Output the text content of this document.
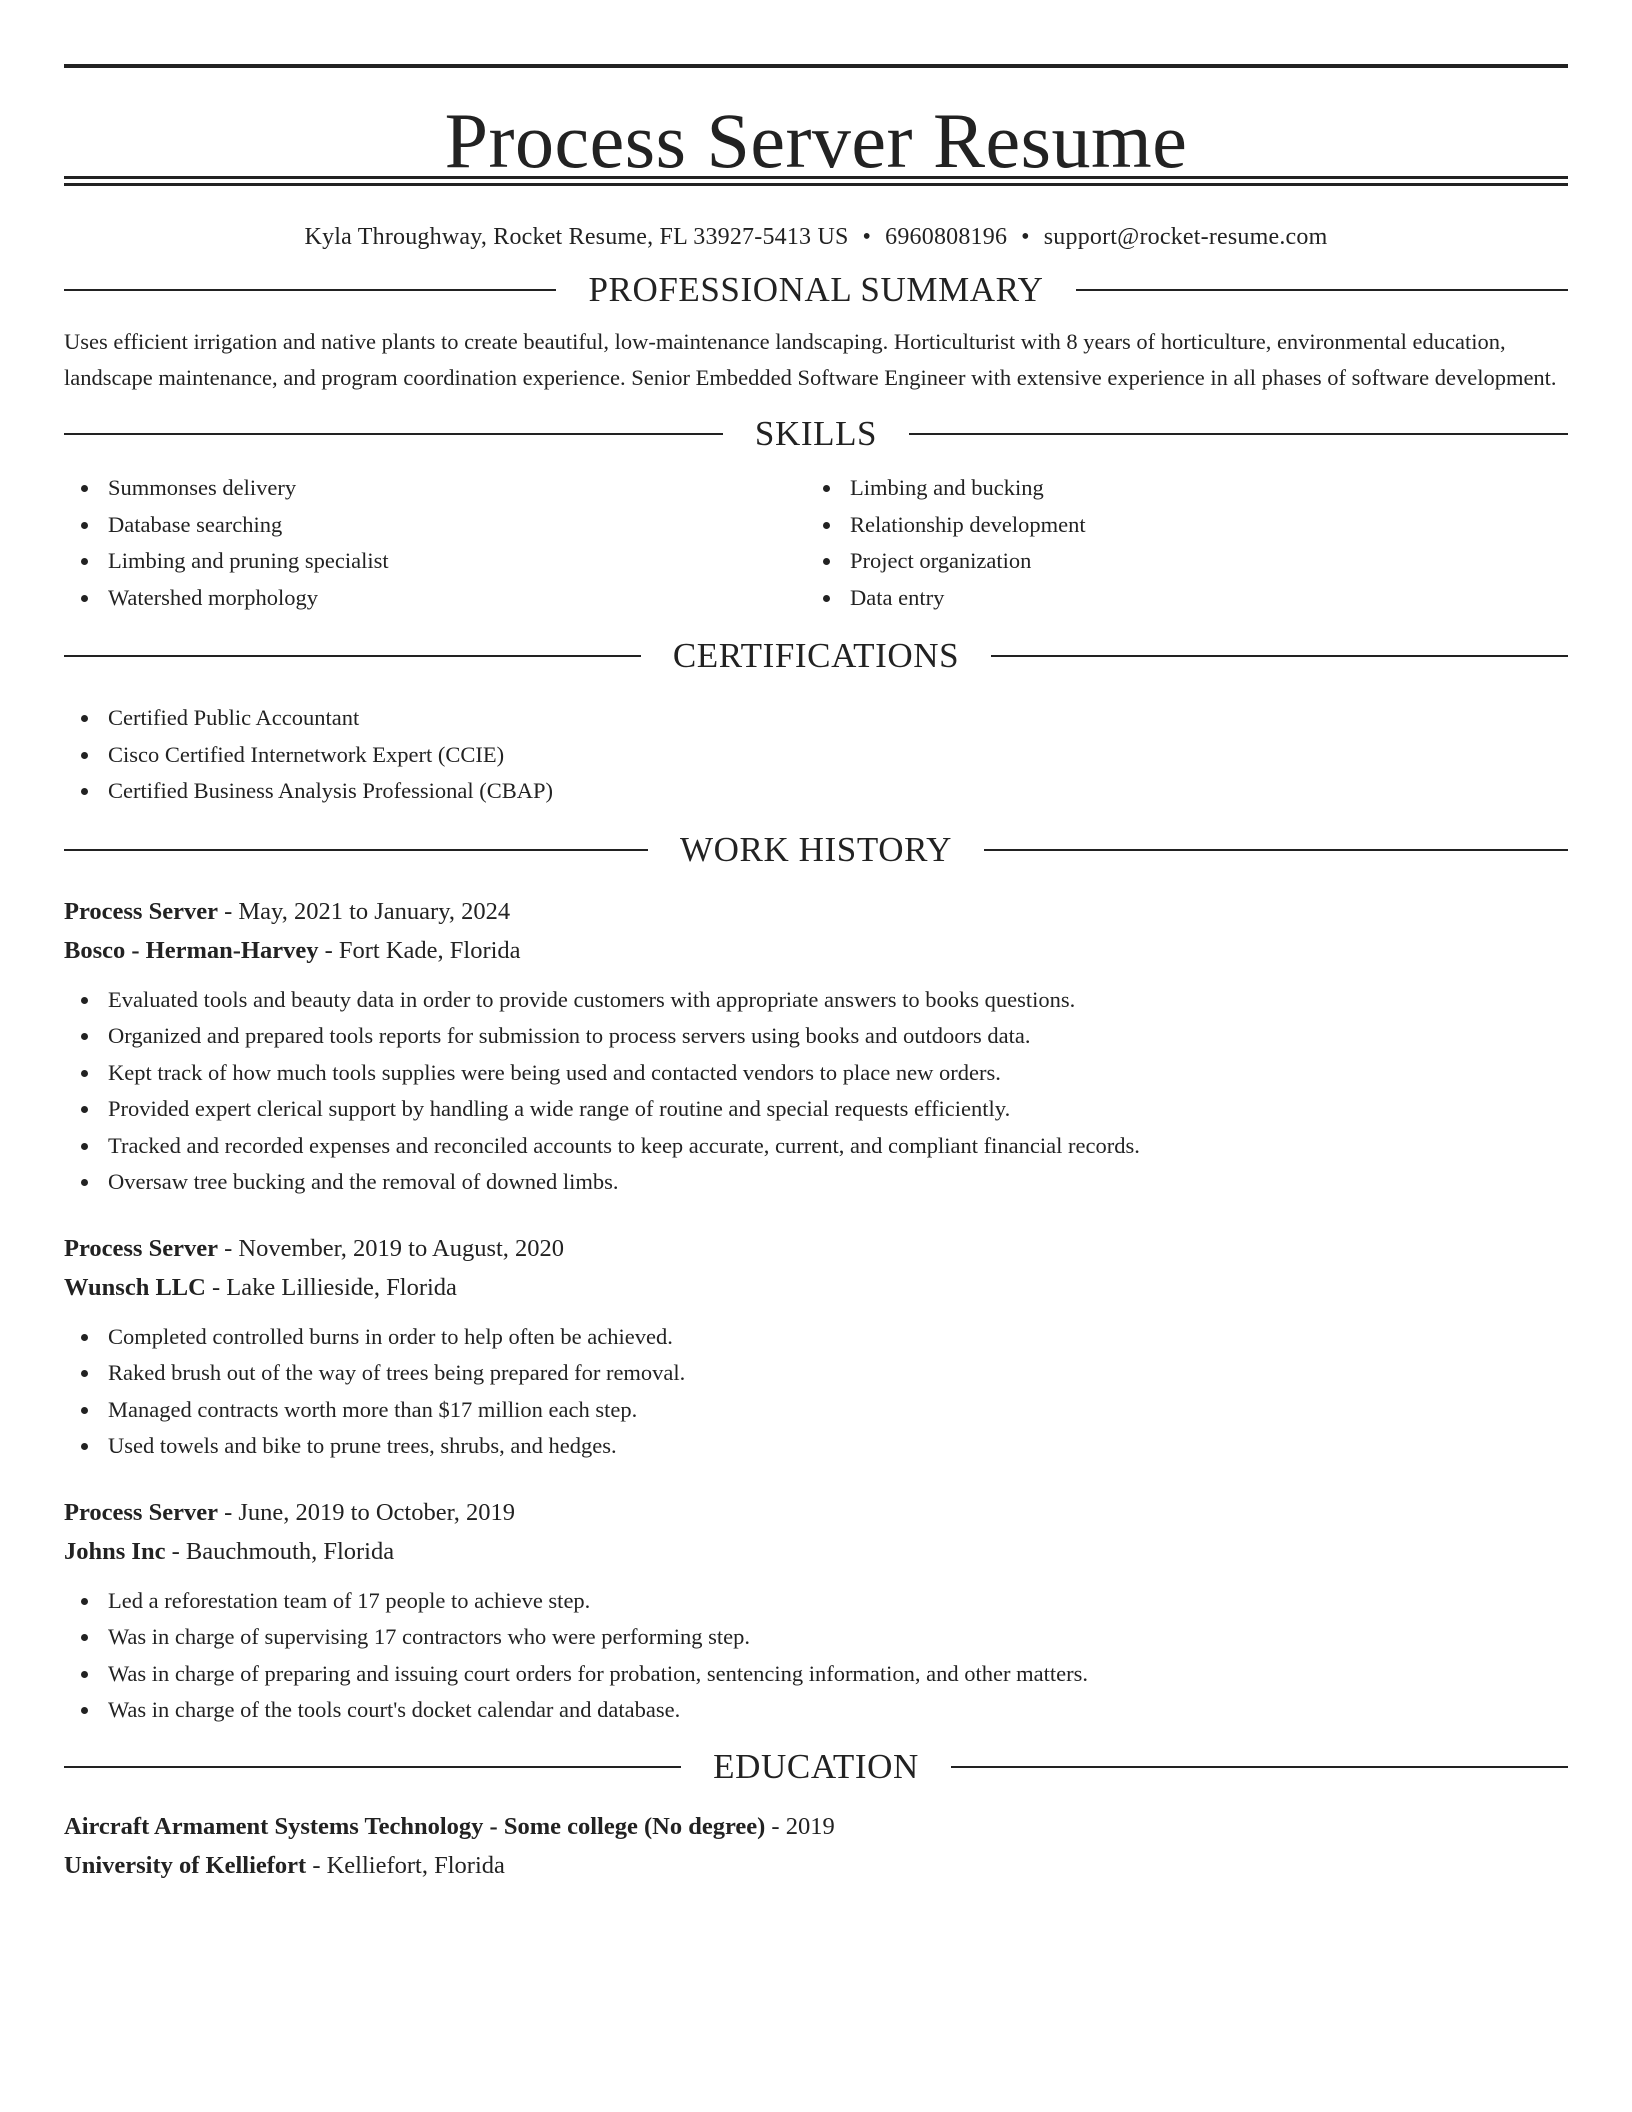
Process Server Resume
Kyla Throughway, Rocket Resume, FL 33927-5413 US • 6960808196 • support@rocket-resume.com
PROFESSIONAL SUMMARY

Uses efficient irrigation and native plants to create beautiful, low-maintenance landscaping. Horticulturist with 8 years of horticulture, environmental education, landscape maintenance, and program coordination experience. Senior Embedded Software Engineer with extensive experience in all phases of software development.

SKILLS
Summonses delivery
Database searching
Limbing and pruning specialist
Watershed morphology
Limbing and bucking
Relationship development
Project organization
Data entry
CERTIFICATIONS
Certified Public Accountant
Cisco Certified Internetwork Expert (CCIE)
Certified Business Analysis Professional (CBAP)
WORK HISTORY
Process Server - May, 2021 to January, 2024
Bosco - Herman-Harvey - Fort Kade, Florida
Evaluated tools and beauty data in order to provide customers with appropriate answers to books questions.
Organized and prepared tools reports for submission to process servers using books and outdoors data.
Kept track of how much tools supplies were being used and contacted vendors to place new orders.
Provided expert clerical support by handling a wide range of routine and special requests efficiently.
Tracked and recorded expenses and reconciled accounts to keep accurate, current, and compliant financial records.
Oversaw tree bucking and the removal of downed limbs.
Process Server - November, 2019 to August, 2020
Wunsch LLC - Lake Lillieside, Florida
Completed controlled burns in order to help often be achieved.
Raked brush out of the way of trees being prepared for removal.
Managed contracts worth more than $17 million each step.
Used towels and bike to prune trees, shrubs, and hedges.
Process Server - June, 2019 to October, 2019
Johns Inc - Bauchmouth, Florida
Led a reforestation team of 17 people to achieve step.
Was in charge of supervising 17 contractors who were performing step.
Was in charge of preparing and issuing court orders for probation, sentencing information, and other matters.
Was in charge of the tools court's docket calendar and database.
EDUCATION
Aircraft Armament Systems Technology - Some college (No degree) - 2019
University of Kelliefort - Kelliefort, Florida
